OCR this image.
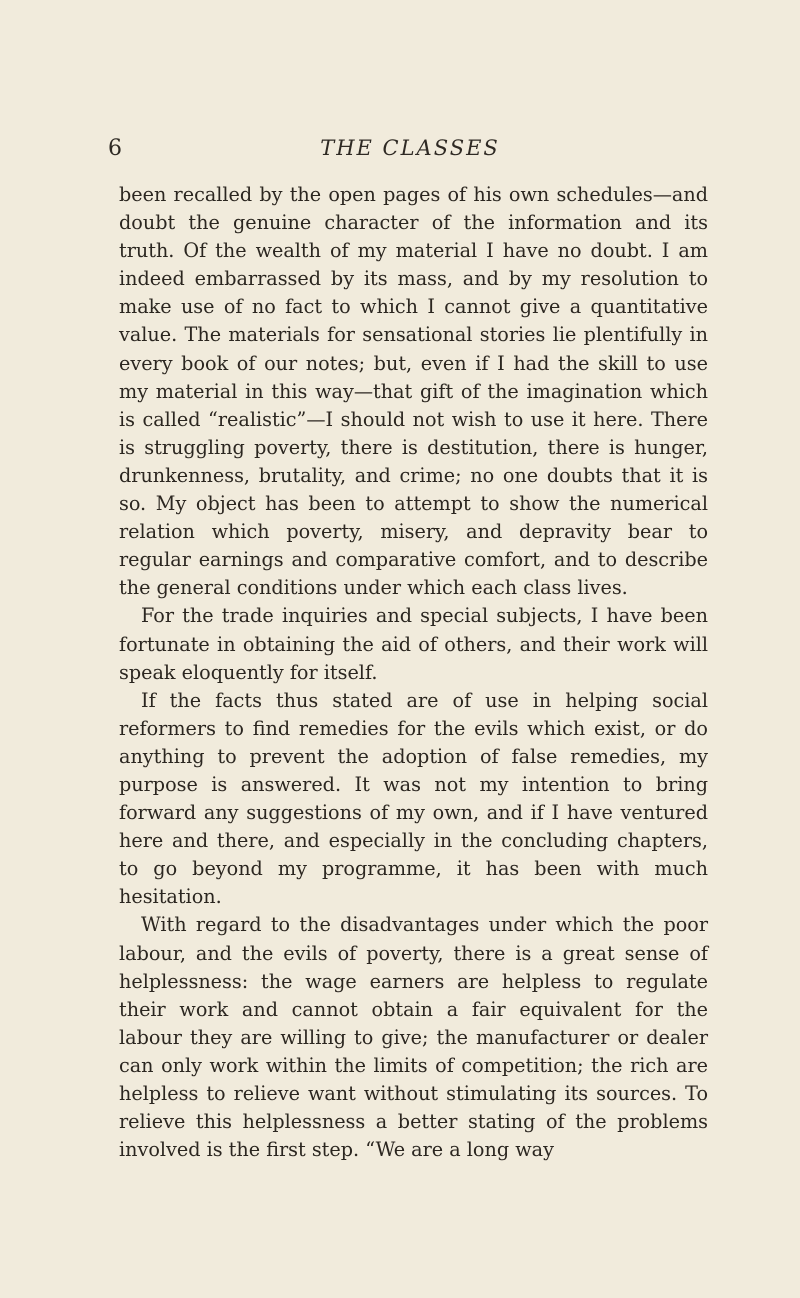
6	THE CLASSES

been recalled by the open pages of his own schedules—and doubt the genuine character of the information and its truth. Of the wealth of my material I have no doubt. I am indeed embarrassed by its mass, and by my resolution to make use of no fact to which I cannot give a quantitative value. The materials for sensational stories lie plentifully in every book of our notes; but, even if I had the skill to use my material in this way—that gift of the imagination which is called “realistic”—I should not wish to use it here. There is struggling poverty, there is destitution, there is hunger, drunkenness, brutality, and crime; no one doubts that it is so. My object has been to attempt to show the numerical relation which poverty, misery, and depravity bear to regular earnings and comparative comfort, and to describe the general conditions under which each class lives.

For the trade inquiries and special subjects, I have been fortunate in obtaining the aid of others, and their work will speak eloquently for itself.

If the facts thus stated are of use in helping social reformers to find remedies for the evils which exist, or do anything to prevent the adoption of false remedies, my purpose is answered. It was not my intention to bring forward any suggestions of my own, and if I have ventured here and there, and especially in the concluding chapters, to go beyond my programme, it has been with much hesitation.

With regard to the disadvantages under which the poor labour, and the evils of poverty, there is a great sense of helplessness: the wage earners are helpless to regulate their work and cannot obtain a fair equivalent for the labour they are willing to give; the manufacturer or dealer can only work within the limits of competition; the rich are helpless to relieve want without stimulating its sources. To relieve this helplessness a better stating of the problems involved is the first step. “We are a long way
